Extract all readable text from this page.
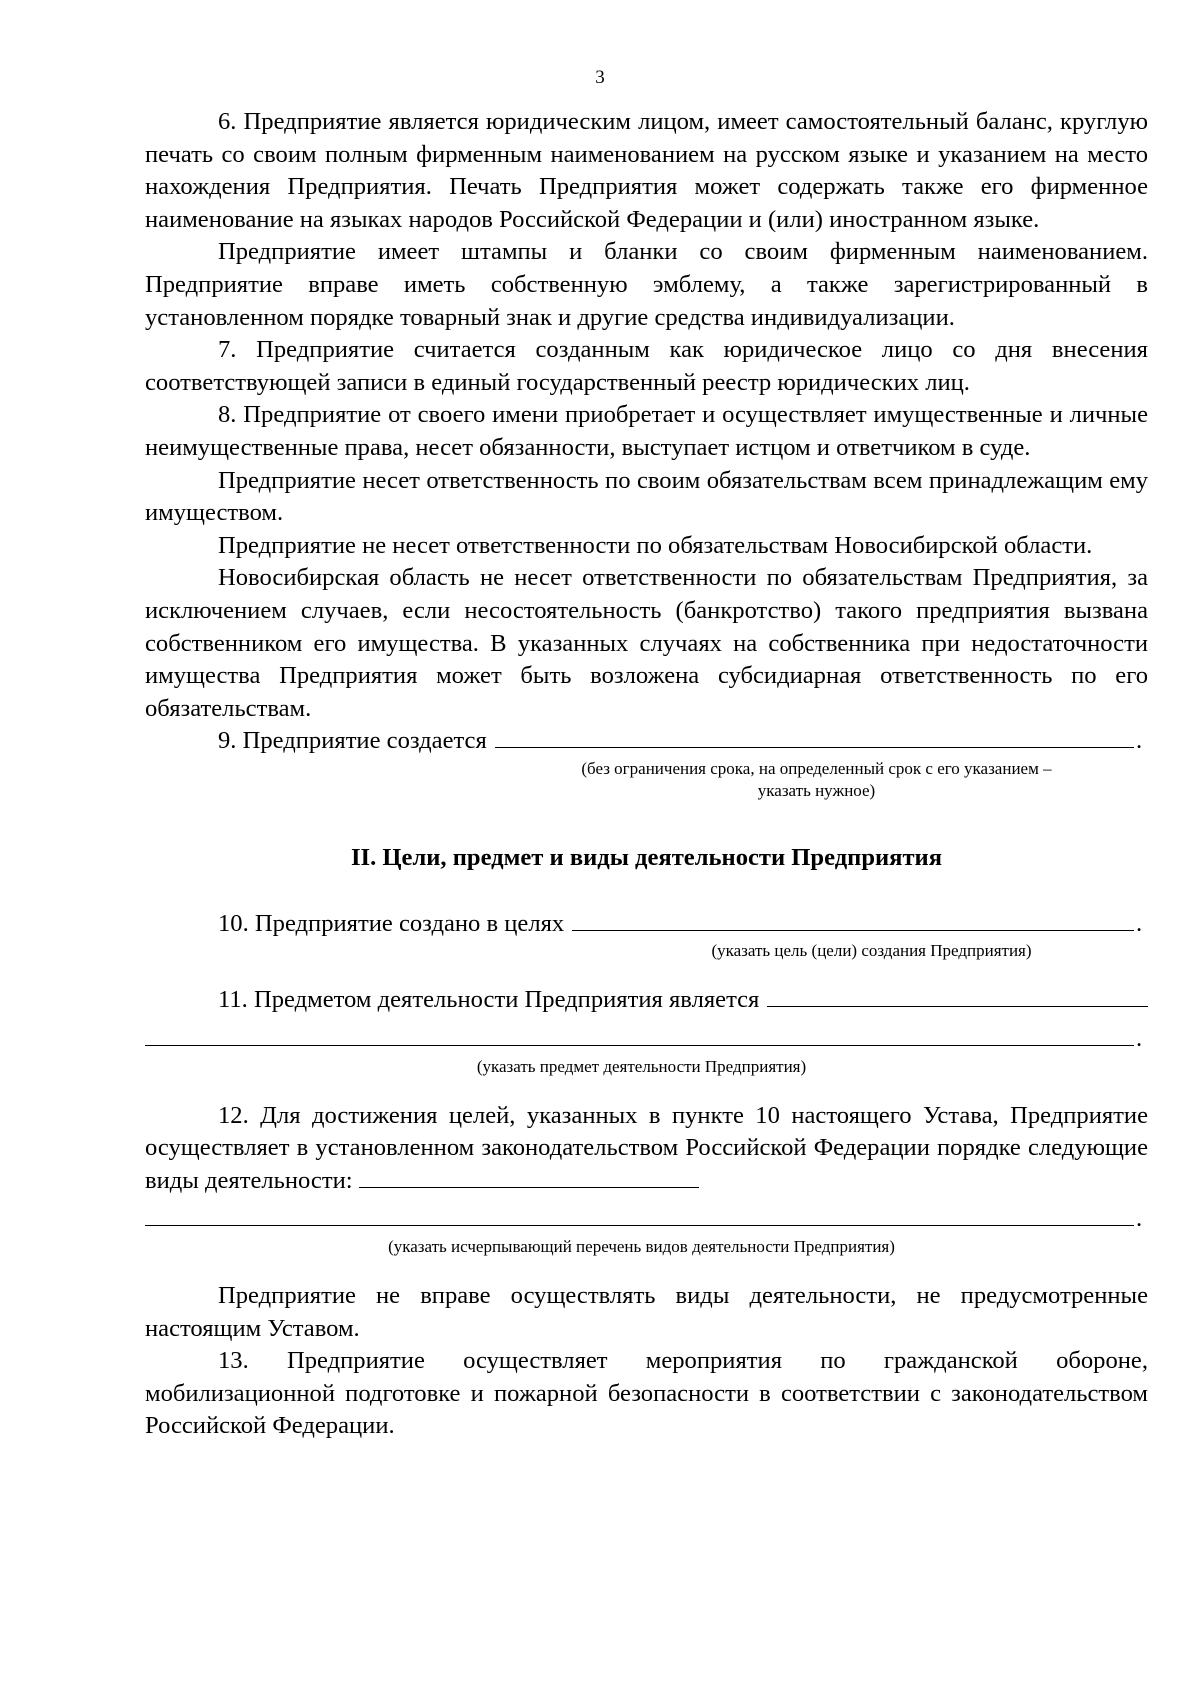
3

6. Предприятие является юридическим лицом, имеет самостоятельный баланс, круглую печать со своим полным фирменным наименованием на русском языке и указанием на место нахождения Предприятия. Печать Предприятия может содержать также его фирменное наименование на языках народов Российской Федерации и (или) иностранном языке.

Предприятие имеет штампы и бланки со своим фирменным наименованием. Предприятие вправе иметь собственную эмблему, а также зарегистрированный в установленном порядке товарный знак и другие средства индивидуализации.

7. Предприятие считается созданным как юридическое лицо со дня внесения соответствующей записи в единый государственный реестр юридических лиц.

8. Предприятие от своего имени приобретает и осуществляет имущественные и личные неимущественные права, несет обязанности, выступает истцом и ответчиком в суде.

Предприятие несет ответственность по своим обязательствам всем принадлежащим ему имуществом.

Предприятие не несет ответственности по обязательствам Новосибирской области.

Новосибирская область не несет ответственности по обязательствам Предприятия, за исключением случаев, если несостоятельность (банкротство) такого предприятия вызвана собственником его имущества. В указанных случаях на собственника при недостаточности имущества Предприятия может быть возложена субсидиарная ответственность по его обязательствам.

9. Предприятие создается	.
(без ограничения срока, на определенный срок с его указанием –
указать нужное)
II. Цели, предмет и виды деятельности Предприятия
10. Предприятие создано в целях	.
(указать цель (цели) создания Предприятия)
11. Предметом деятельности Предприятия является
.
(указать предмет деятельности Предприятия)

12. Для достижения целей, указанных в пункте 10 настоящего Устава, Предприятие осуществляет в установленном законодательством Российской Федерации порядке следующие виды деятельности:

.
(указать исчерпывающий перечень видов деятельности Предприятия)

Предприятие не вправе осуществлять виды деятельности, не предусмотренные настоящим Уставом.

13. Предприятие осуществляет мероприятия по гражданской обороне, мобилизационной подготовке и пожарной безопасности в соответствии с законодательством Российской Федерации.
